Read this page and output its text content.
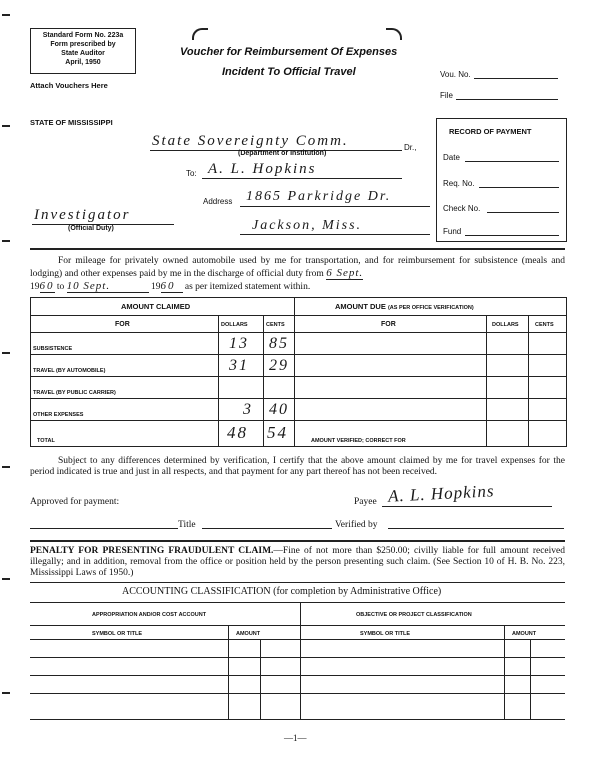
Standard Form No. 223a
Form prescribed by
State Auditor
April, 1950
Attach Vouchers Here
Voucher for Reimbursement Of Expenses
Incident To Official Travel	Vou. No.
File
STATE OF MISSISSIPPI
State Sovereignty Comm.	Dr.,
(Department or Institution)
To: A. L. Hopkins
Address 1865 Parkridge Dr.
Jackson, Miss.
Investigator
(Official Duty)
RECORD OF PAYMENT
Date
Req. No.
Check No.
Fund
For mileage for privately owned automobile used by me for transportation, and for reimbursement for subsistence (meals and lodging) and other expenses paid by me in the discharge of official duty from 6 Sept.
1960 to 10 Sept.	1960 as per itemized statement within.
AMOUNT CLAIMED	AMOUNT DUE (AS PER OFFICE VERIFICATION)
FOR	DOLLARS	CENTS	FOR	DOLLARS	CENTS
SUBSISTENCE	13 85
TRAVEL (BY AUTOMOBILE)	31 29
TRAVEL (BY PUBLIC CARRIER)
OTHER EXPENSES	3 40
TOTAL	48 54	AMOUNT VERIFIED; CORRECT FOR
Subject to any differences determined by verification, I certify that the above amount claimed by me for travel expenses for the period indicated is true and just in all respects, and that payment for any part thereof has not been received.
Approved for payment:	Payee A. L. Hopkins
Title	Verified by
PENALTY FOR PRESENTING FRAUDULENT CLAIM.—Fine of not more than $250.00; civilly liable for full amount received illegally; and in addition, removal from the office or position held by the person presenting such claim. (See Section 10 of H. B. No. 223, Mississippi Laws of 1950.)
ACCOUNTING CLASSIFICATION (for completion by Administrative Office)
APPROPRIATION AND/OR COST ACCOUNT	OBJECTIVE OR PROJECT CLASSIFICATION
SYMBOL OR TITLE	AMOUNT	SYMBOL OR TITLE	AMOUNT
—1—
